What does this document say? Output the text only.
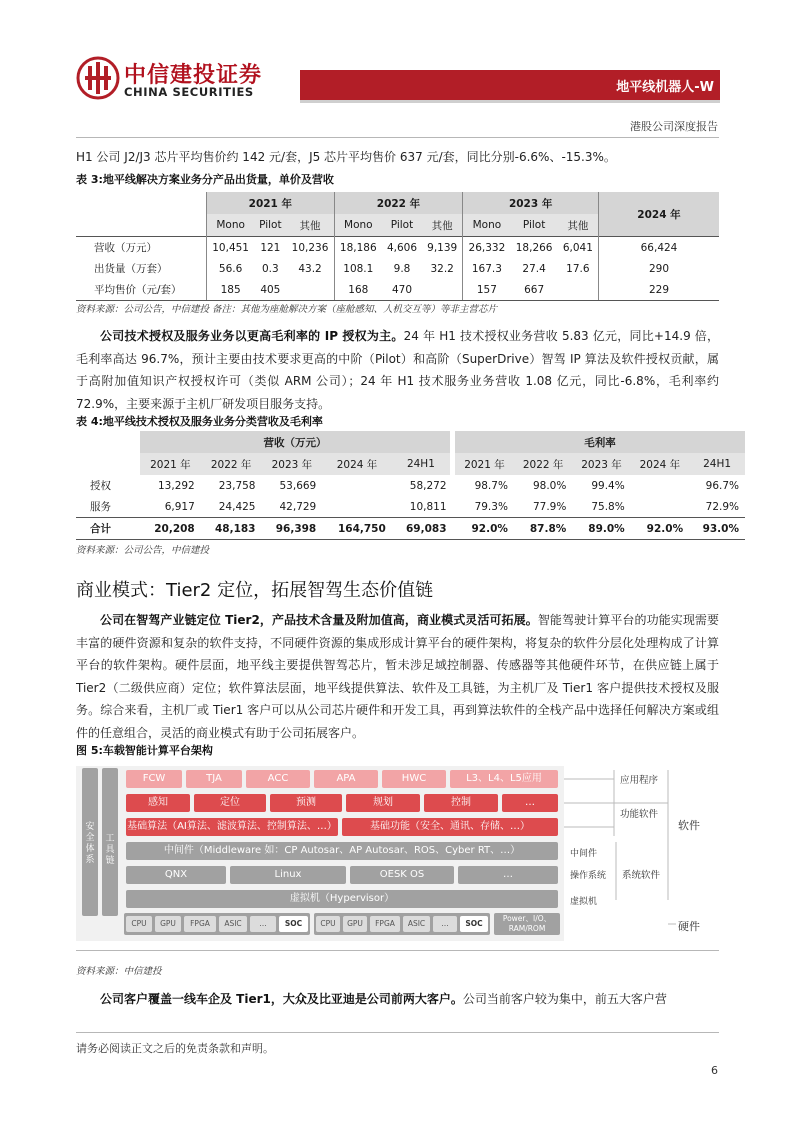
中信建投证券
CHINA SECURITIES	地平线机器人-W
港股公司深度报告
H1 公司 J2/J3 芯片平均售价约 142 元/套，J5 芯片平均售价 637 元/套，同比分别-6.6%、-15.3%。
表 3:地平线解决方案业务分产品出货量，单价及营收
	2021 年			2022 年			2023 年			2024 年
	Mono	Pilot	其他	Mono	Pilot	其他	Mono	Pilot	其他	
营收（万元）	10,451	121	10,236	18,186	4,606	9,139	26,332	18,266	6,041	66,424
出货量（万套）	56.6	0.3	43.2	108.1	9.8	32.2	167.3	27.4	17.6	290
平均售价（元/套）	185	405		168	470		157	667		229
资料来源：公司公告，中信建投 备注：其他为座舱解决方案（座舱感知、人机交互等）等非主营芯片
公司技术授权及服务业务以更高毛利率的 IP 授权为主。24 年 H1 技术授权业务营收 5.83 亿元，同比+14.9 倍，毛利率高达 96.7%，预计主要由技术要求更高的中阶（Pilot）和高阶（SuperDrive）智驾 IP 算法及软件授权贡献，属于高附加值知识产权授权许可（类似 ARM 公司）；24 年 H1 技术服务业务营收 1.08 亿元，同比-6.8%，毛利率约 72.9%，主要来源于主机厂研发项目服务支持。
表 4:地平线技术授权及服务业务分类营收及毛利率
	营收（万元）					毛利率				
	2021 年	2022 年	2023 年	2024 年	24H1	2021 年	2022 年	2023 年	2024 年	24H1
授权	13,292	23,758	53,669		58,272	98.7%	98.0%	99.4%		96.7%
服务	6,917	24,425	42,729		10,811	79.3%	77.9%	75.8%		72.9%
合计	20,208	48,183	96,398	164,750	69,083	92.0%	87.8%	89.0%	92.0%	93.0%
资料来源：公司公告，中信建投
商业模式：Tier2 定位，拓展智驾生态价值链
公司在智驾产业链定位 Tier2，产品技术含量及附加值高，商业模式灵活可拓展。智能驾驶计算平台的功能实现需要丰富的硬件资源和复杂的软件支持，不同硬件资源的集成形成计算平台的硬件架构，将复杂的软件分层化处理构成了计算平台的软件架构。硬件层面，地平线主要提供智驾芯片，暂未涉足域控制器、传感器等其他硬件环节，在供应链上属于 Tier2（二级供应商）定位；软件算法层面，地平线提供算法、软件及工具链，为主机厂及 Tier1 客户提供技术授权及服务。综合来看，主机厂或 Tier1 客户可以从公司芯片硬件和开发工具，再到算法软件的全栈产品中选择任何解决方案或组件的任意组合，灵活的商业模式有助于公司拓展客户。
图 5:车载智能计算平台架构
安全体系
工具链
FCW	TJA	ACC	APA	HWC	L3、L4、L5应用
感知	定位	预测	规划	控制	…
基础算法（AI算法、滤波算法、控制算法、…）	基础功能（安全、通讯、存储、…）
中间件（Middleware 如：CP Autosar、AP Autosar、ROS、Cyber RT、…）
QNX	Linux	OESK OS	…
虚拟机（Hypervisor）
CPU	GPU	FPGA	ASIC	…	SOC	CPU	GPU	FPGA	ASIC	…	SOC
Power、I/O、RAM/ROM
应用程序
功能软件
软件
中间件
操作系统 系统软件
虚拟机
硬件
资料来源：中信建投
公司客户覆盖一线车企及 Tier1，大众及比亚迪是公司前两大客户。公司当前客户较为集中，前五大客户营
请务必阅读正文之后的免责条款和声明。
6
